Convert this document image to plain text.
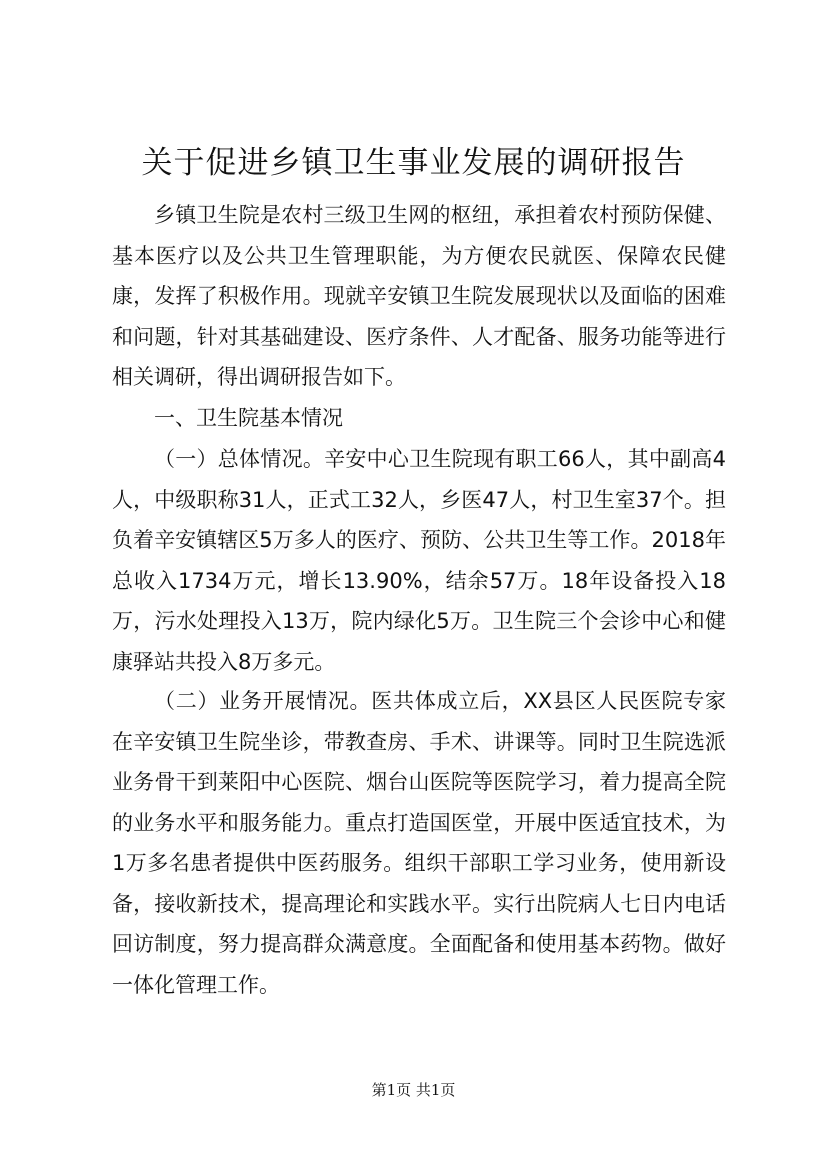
关于促进乡镇卫生事业发展的调研报告

乡镇卫生院是农村三级卫生网的枢纽，承担着农村预防保健、基本医疗以及公共卫生管理职能，为方便农民就医、保障农民健康，发挥了积极作用。现就辛安镇卫生院发展现状以及面临的困难和问题，针对其基础建设、医疗条件、人才配备、服务功能等进行相关调研，得出调研报告如下。

一、卫生院基本情况

（一）总体情况。辛安中心卫生院现有职工66人，其中副高4人，中级职称31人，正式工32人，乡医47人，村卫生室37个。担负着辛安镇辖区5万多人的医疗、预防、公共卫生等工作。2018年总收入1734万元，增长13.90%，结余57万。18年设备投入18万，污水处理投入13万，院内绿化5万。卫生院三个会诊中心和健康驿站共投入8万多元。

（二）业务开展情况。医共体成立后，XX县区人民医院专家在辛安镇卫生院坐诊，带教查房、手术、讲课等。同时卫生院选派业务骨干到莱阳中心医院、烟台山医院等医院学习，着力提高全院的业务水平和服务能力。重点打造国医堂，开展中医适宜技术，为1万多名患者提供中医药服务。组织干部职工学习业务，使用新设备，接收新技术，提高理论和实践水平。实行出院病人七日内电话回访制度，努力提高群众满意度。全面配备和使用基本药物。做好一体化管理工作。

第1页 共1页
